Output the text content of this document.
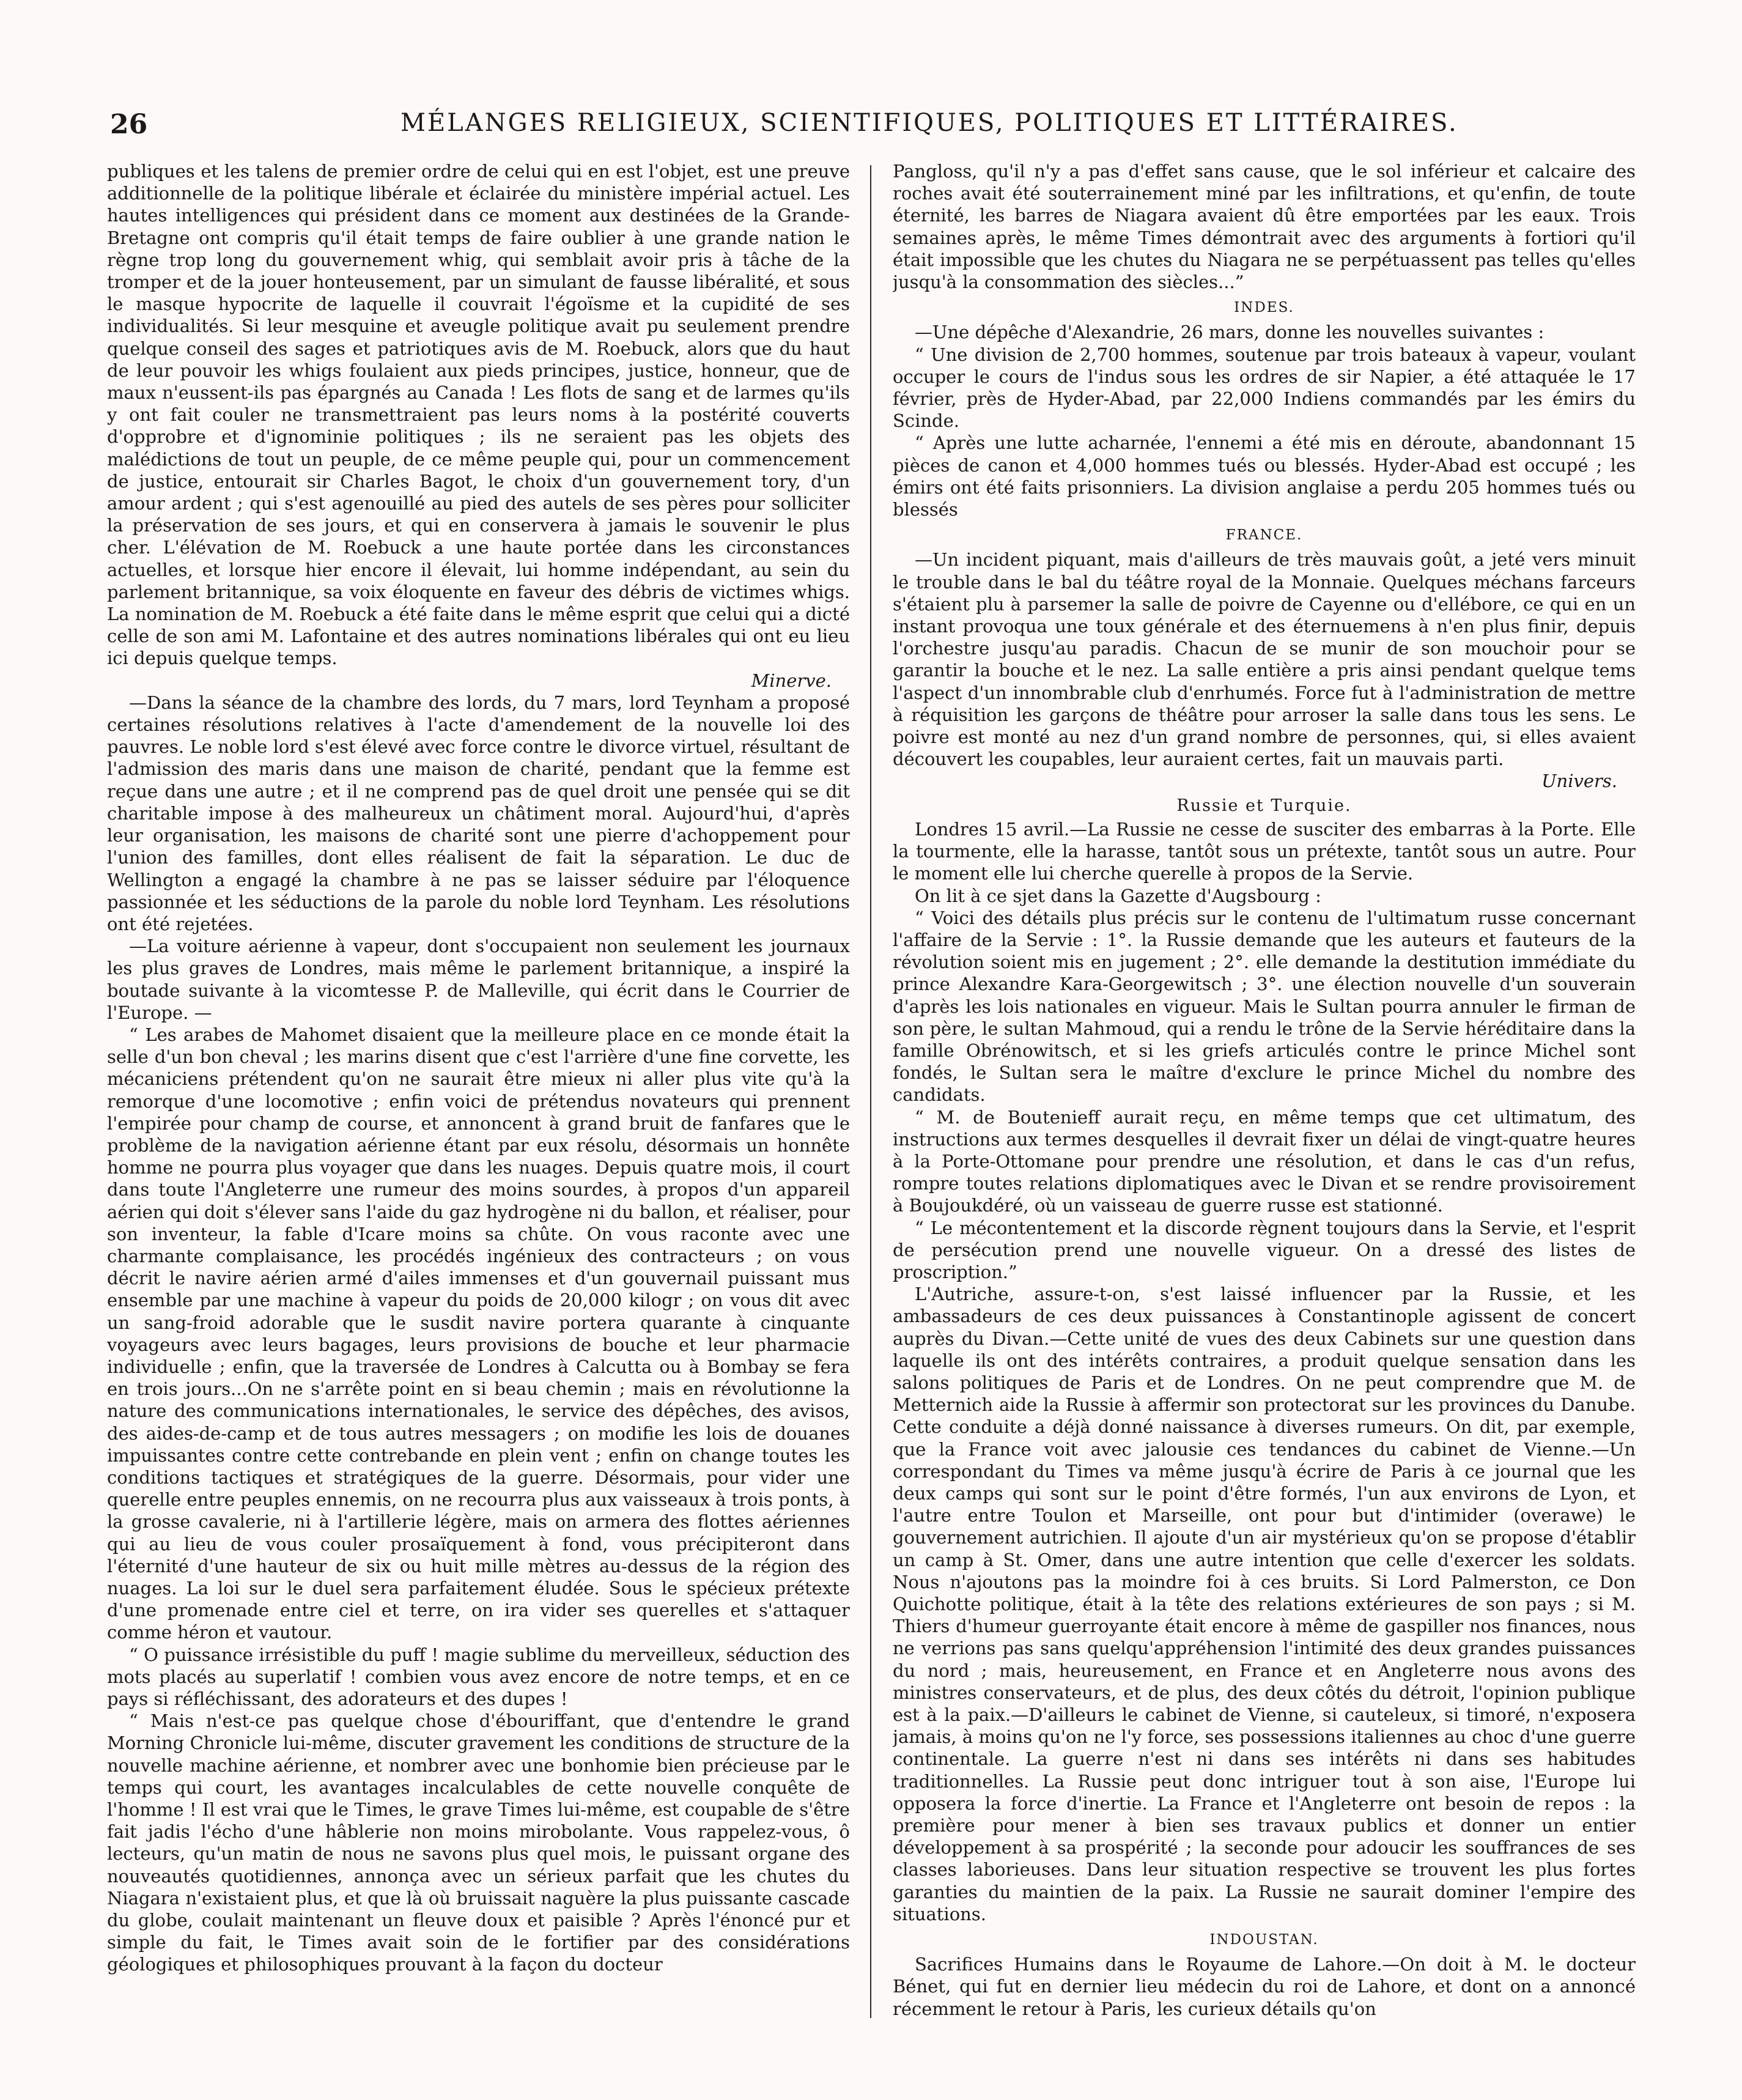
26	MÉLANGES RELIGIEUX, SCIENTIFIQUES, POLITIQUES ET LITTÉRAIRES.

publiques et les talens de premier ordre de celui qui en est l'objet, est une preuve additionnelle de la politique libérale et éclairée du ministère impérial actuel. Les hautes intelligences qui président dans ce moment aux destinées de la Grande-Bretagne ont compris qu'il était temps de faire oublier à une grande nation le règne trop long du gouvernement whig, qui semblait avoir pris à tâche de la tromper et de la jouer honteusement, par un simulant de fausse libéralité, et sous le masque hypocrite de laquelle il couvrait l'égoïsme et la cupidité de ses individualités. Si leur mesquine et aveugle politique avait pu seulement prendre quelque conseil des sages et patriotiques avis de M. Roebuck, alors que du haut de leur pouvoir les whigs foulaient aux pieds principes, justice, honneur, que de maux n'eussent-ils pas épargnés au Canada ! Les flots de sang et de larmes qu'ils y ont fait couler ne transmettraient pas leurs noms à la postérité couverts d'opprobre et d'ignominie politiques ; ils ne seraient pas les objets des malédictions de tout un peuple, de ce même peuple qui, pour un commencement de justice, entourait sir Charles Bagot, le choix d'un gouvernement tory, d'un amour ardent ; qui s'est agenouillé au pied des autels de ses pères pour solliciter la préservation de ses jours, et qui en conservera à jamais le souvenir le plus cher. L'élévation de M. Roebuck a une haute portée dans les circonstances actuelles, et lorsque hier encore il élevait, lui homme indépendant, au sein du parlement britannique, sa voix éloquente en faveur des débris de victimes whigs. La nomination de M. Roebuck a été faite dans le même esprit que celui qui a dicté celle de son ami M. Lafontaine et des autres nominations libérales qui ont eu lieu ici depuis quelque temps.

Minerve.

—Dans la séance de la chambre des lords, du 7 mars, lord Teynham a proposé certaines résolutions relatives à l'acte d'amendement de la nouvelle loi des pauvres. Le noble lord s'est élevé avec force contre le divorce virtuel, résultant de l'admission des maris dans une maison de charité, pendant que la femme est reçue dans une autre ; et il ne comprend pas de quel droit une pensée qui se dit charitable impose à des malheureux un châtiment moral. Aujourd'hui, d'après leur organisation, les maisons de charité sont une pierre d'achoppement pour l'union des familles, dont elles réalisent de fait la séparation. Le duc de Wellington a engagé la chambre à ne pas se laisser séduire par l'éloquence passionnée et les séductions de la parole du noble lord Teynham. Les résolutions ont été rejetées.

—La voiture aérienne à vapeur, dont s'occupaient non seulement les journaux les plus graves de Londres, mais même le parlement britannique, a inspiré la boutade suivante à la vicomtesse P. de Malleville, qui écrit dans le Courrier de l'Europe. —

“ Les arabes de Mahomet disaient que la meilleure place en ce monde était la selle d'un bon cheval ; les marins disent que c'est l'arrière d'une fine corvette, les mécaniciens prétendent qu'on ne saurait être mieux ni aller plus vite qu'à la remorque d'une locomotive ; enfin voici de prétendus novateurs qui prennent l'empirée pour champ de course, et annoncent à grand bruit de fanfares que le problème de la navigation aérienne étant par eux résolu, désormais un honnête homme ne pourra plus voyager que dans les nuages. Depuis quatre mois, il court dans toute l'Angleterre une rumeur des moins sourdes, à propos d'un appareil aérien qui doit s'élever sans l'aide du gaz hydrogène ni du ballon, et réaliser, pour son inventeur, la fable d'Icare moins sa chûte. On vous raconte avec une charmante complaisance, les procédés ingénieux des contracteurs ; on vous décrit le navire aérien armé d'ailes immenses et d'un gouvernail puissant mus ensemble par une machine à vapeur du poids de 20,000 kilogr ; on vous dit avec un sang-froid adorable que le susdit navire portera quarante à cinquante voyageurs avec leurs bagages, leurs provisions de bouche et leur pharmacie individuelle ; enfin, que la traversée de Londres à Calcutta ou à Bombay se fera en trois jours...On ne s'arrête point en si beau chemin ; mais en révolutionne la nature des communications internationales, le service des dépêches, des avisos, des aides-de-camp et de tous autres messagers ; on modifie les lois de douanes impuissantes contre cette contrebande en plein vent ; enfin on change toutes les conditions tactiques et stratégiques de la guerre. Désormais, pour vider une querelle entre peuples ennemis, on ne recourra plus aux vaisseaux à trois ponts, à la grosse cavalerie, ni à l'artillerie légère, mais on armera des flottes aériennes qui au lieu de vous couler prosaïquement à fond, vous précipiteront dans l'éternité d'une hauteur de six ou huit mille mètres au-dessus de la région des nuages. La loi sur le duel sera parfaitement éludée. Sous le spécieux prétexte d'une promenade entre ciel et terre, on ira vider ses querelles et s'attaquer comme héron et vautour.

“ O puissance irrésistible du puff ! magie sublime du merveilleux, séduction des mots placés au superlatif ! combien vous avez encore de notre temps, et en ce pays si réfléchissant, des adorateurs et des dupes !

“ Mais n'est-ce pas quelque chose d'ébouriffant, que d'entendre le grand Morning Chronicle lui-même, discuter gravement les conditions de structure de la nouvelle machine aérienne, et nombrer avec une bonhomie bien précieuse par le temps qui court, les avantages incalculables de cette nouvelle conquête de l'homme ! Il est vrai que le Times, le grave Times lui-même, est coupable de s'être fait jadis l'écho d'une hâblerie non moins mirobolante. Vous rappelez-vous, ô lecteurs, qu'un matin de nous ne savons plus quel mois, le puissant organe des nouveautés quotidiennes, annonça avec un sérieux parfait que les chutes du Niagara n'existaient plus, et que là où bruissait naguère la plus puissante cascade du globe, coulait maintenant un fleuve doux et paisible ? Après l'énoncé pur et simple du fait, le Times avait soin de le fortifier par des considérations géologiques et philosophiques prouvant à la façon du docteur

Pangloss, qu'il n'y a pas d'effet sans cause, que le sol inférieur et calcaire des roches avait été souterrainement miné par les infiltrations, et qu'enfin, de toute éternité, les barres de Niagara avaient dû être emportées par les eaux. Trois semaines après, le même Times démontrait avec des arguments à fortiori qu'il était impossible que les chutes du Niagara ne se perpétuassent pas telles qu'elles jusqu'à la consommation des siècles...”

INDES.

—Une dépêche d'Alexandrie, 26 mars, donne les nouvelles suivantes :

“ Une division de 2,700 hommes, soutenue par trois bateaux à vapeur, voulant occuper le cours de l'indus sous les ordres de sir Napier, a été attaquée le 17 février, près de Hyder-Abad, par 22,000 Indiens commandés par les émirs du Scinde.

“ Après une lutte acharnée, l'ennemi a été mis en déroute, abandonnant 15 pièces de canon et 4,000 hommes tués ou blessés. Hyder-Abad est occupé ; les émirs ont été faits prisonniers. La division anglaise a perdu 205 hommes tués ou blessés

FRANCE.

—Un incident piquant, mais d'ailleurs de très mauvais goût, a jeté vers minuit le trouble dans le bal du téâtre royal de la Monnaie. Quelques méchans farceurs s'étaient plu à parsemer la salle de poivre de Cayenne ou d'ellébore, ce qui en un instant provoqua une toux générale et des éternuemens à n'en plus finir, depuis l'orchestre jusqu'au paradis. Chacun de se munir de son mouchoir pour se garantir la bouche et le nez. La salle entière a pris ainsi pendant quelque tems l'aspect d'un innombrable club d'enrhumés. Force fut à l'administration de mettre à réquisition les garçons de théâtre pour arroser la salle dans tous les sens. Le poivre est monté au nez d'un grand nombre de personnes, qui, si elles avaient découvert les coupables, leur auraient certes, fait un mauvais parti.

Univers.
Russie et Turquie.

Londres 15 avril.—La Russie ne cesse de susciter des embarras à la Porte. Elle la tourmente, elle la harasse, tantôt sous un prétexte, tantôt sous un autre. Pour le moment elle lui cherche querelle à propos de la Servie.

On lit à ce sjet dans la Gazette d'Augsbourg :

“ Voici des détails plus précis sur le contenu de l'ultimatum russe concernant l'affaire de la Servie : 1°. la Russie demande que les auteurs et fauteurs de la révolution soient mis en jugement ; 2°. elle demande la destitution immédiate du prince Alexandre Kara-Georgewitsch ; 3°. une élection nouvelle d'un souverain d'après les lois nationales en vigueur. Mais le Sultan pourra annuler le firman de son père, le sultan Mahmoud, qui a rendu le trône de la Servie héréditaire dans la famille Obrénowitsch, et si les griefs articulés contre le prince Michel sont fondés, le Sultan sera le maître d'exclure le prince Michel du nombre des candidats.

“ M. de Boutenieff aurait reçu, en même temps que cet ultimatum, des instructions aux termes desquelles il devrait fixer un délai de vingt-quatre heures à la Porte-Ottomane pour prendre une résolution, et dans le cas d'un refus, rompre toutes relations diplomatiques avec le Divan et se rendre provisoirement à Boujoukdéré, où un vaisseau de guerre russe est stationné.

“ Le mécontentement et la discorde règnent toujours dans la Servie, et l'esprit de persécution prend une nouvelle vigueur. On a dressé des listes de proscription.”

L'Autriche, assure-t-on, s'est laissé influencer par la Russie, et les ambassadeurs de ces deux puissances à Constantinople agissent de concert auprès du Divan.—Cette unité de vues des deux Cabinets sur une question dans laquelle ils ont des intérêts contraires, a produit quelque sensation dans les salons politiques de Paris et de Londres. On ne peut comprendre que M. de Metternich aide la Russie à affermir son protectorat sur les provinces du Danube. Cette conduite a déjà donné naissance à diverses rumeurs. On dit, par exemple, que la France voit avec jalousie ces tendances du cabinet de Vienne.—Un correspondant du Times va même jusqu'à écrire de Paris à ce journal que les deux camps qui sont sur le point d'être formés, l'un aux environs de Lyon, et l'autre entre Toulon et Marseille, ont pour but d'intimider (overawe) le gouvernement autrichien. Il ajoute d'un air mystérieux qu'on se propose d'établir un camp à St. Omer, dans une autre intention que celle d'exercer les soldats. Nous n'ajoutons pas la moindre foi à ces bruits. Si Lord Palmerston, ce Don Quichotte politique, était à la tête des relations extérieures de son pays ; si M. Thiers d'humeur guerroyante était encore à même de gaspiller nos finances, nous ne verrions pas sans quelqu'appréhension l'intimité des deux grandes puissances du nord ; mais, heureusement, en France et en Angleterre nous avons des ministres conservateurs, et de plus, des deux côtés du détroit, l'opinion publique est à la paix.—D'ailleurs le cabinet de Vienne, si cauteleux, si timoré, n'exposera jamais, à moins qu'on ne l'y force, ses possessions italiennes au choc d'une guerre continentale. La guerre n'est ni dans ses intérêts ni dans ses habitudes traditionnelles. La Russie peut donc intriguer tout à son aise, l'Europe lui opposera la force d'inertie. La France et l'Angleterre ont besoin de repos : la première pour mener à bien ses travaux publics et donner un entier développement à sa prospérité ; la seconde pour adoucir les souffrances de ses classes laborieuses. Dans leur situation respective se trouvent les plus fortes garanties du maintien de la paix. La Russie ne saurait dominer l'empire des situations.

INDOUSTAN.

Sacrifices Humains dans le Royaume de Lahore.—On doit à M. le docteur Bénet, qui fut en dernier lieu médecin du roi de Lahore, et dont on a annoncé récemment le retour à Paris, les curieux détails qu'on
